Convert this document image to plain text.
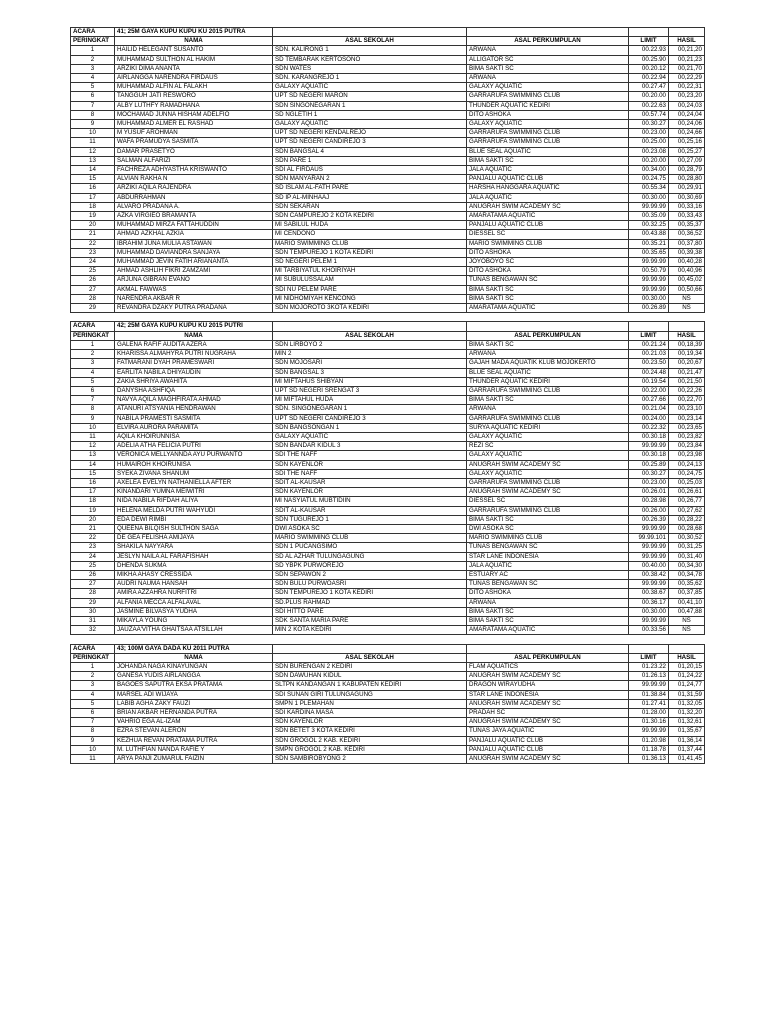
ACARA	41; 25M GAYA KUPU KUPU KU 2015 PUTRA				
PERINGKAT	NAMA	ASAL SEKOLAH	ASAL PERKUMPULAN	LIMIT	HASIL
1	HAILID HELEGANT SUSANTO	SDN. KALIRONG 1	ARWANA	00.22.93	00,21,20
2	MUHAMMAD SULTHON AL HAKIM	SD TEMBARAK KERTOSONO	ALLIGATOR SC	00.25.90	00,21,23
3	ARZIKI DIMA ANANTA	SDN WATES	BIMA SAKTI SC	00.20.12	00,21,70
4	AIRLANGGA NARENDRA FIRDAUS	SDN. KARANGREJO 1	ARWANA	00.22.94	00,22,29
5	MUHAMMAD ALFIN AL FALAKH	GALAXY AQUATIC	GALAXY AQUATIC	00.27.47	00,22,31
6	TANGGUH JATI RESWORO	UPT SD NEGERI MARON	GARRARUFA SWIMMING CLUB	00.20.00	00,23,20
7	ALBY LUTHFY RAMADHANA	SDN SINGONEGARAN 1	THUNDER AQUATIC KEDIRI	00.22.63	00,24,03
8	MOCHAMAD JUNNA HISHAM ADELFIO	SD NGLETIH 1	DITO ASHOKA	00.57.74	00,24,04
9	MUHAMMAD ALMER EL RASHAD	GALAXY AQUATIC	GALAXY AQUATIC	00.30.27	00,24,06
10	M YUSUF AROHMAN	UPT SD NEGERI KENDALREJO	GARRARUFA SWIMMING CLUB	00.23.00	00,24,66
11	WAFA PRAMUDYA SASMITA	UPT SD NEGERI CANDIREJO 3	GARRARUFA SWIMMING CLUB	00.25.00	00,25,16
12	DAMAR PRASETYO	SDN BANGSAL 4	BLUE SEAL AQUATIC	00.23.08	00,25,27
13	SALMAN ALFARIZI	SDN PARE 1	BIMA SAKTI SC	00.20.00	00,27,09
14	FACHREZA ADHYASTHA KRISWANTO	SDI AL FIRDAUS	JALA AQUATIC	00.34.00	00,28,79
15	ALVIAN RAKHA N	SDN MANYARAN 2	PANJALU AQUATIC CLUB	00.24.75	00,28,80
16	ARZIKI AQILA RAJENDRA	SD ISLAM AL-FATH PARE	HARSHA HANGGARA AQUATIC	00.55.34	00,29,91
17	ABDURRAHMAN	SD IP AL-MINHAAJ	JALA AQUATIC	00.30.00	00,30,69
18	ALVARO PRADANA A.	SDN SEKARAN	ANUGRAH SWIM ACADEMY SC	99.99.99	00,33,16
19	AZKA VIRGIEO BRAMANTA	SDN CAMPUREJO 2 KOTA KEDIRI	AMARATAMA AQUATIC	00.35.09	00,33,43
20	MUHAMMAD MIRZA FATTAHUDDIN	MI SABILUL HUDA	PANJALU AQUATIC CLUB	00.32.25	00,35,37
21	AHMAD AZKHAL AZKIA	MI CENDONO	DIESSEL SC	00.43.88	00,36,52
22	IBRAHIM JUNA MULIA ASTAWAN	MARIO SWIMMING CLUB	MARIO SWIMMING CLUB	00.35.21	00,37,80
23	MUHAMMAD DAVIANDRA SANJAYA	SDN TEMPUREJO 1 KOTA KEDIRI	DITO ASHOKA	00.35.65	00,39,38
24	MUHAMMAD JEVIN FATIH ARIANANTA	SD NEGERI PELEM 1	JOYOBOYO SC	99.99.99	00,40,28
25	AHMAD ASHLIH FIKRI ZAMZAMI	MI TARBIYATUL KHOIRIYAH	DITO ASHOKA	00.50.79	00,40,96
26	ARJUNA GIBRAN EVANO	MI SUBULUSSALAM	TUNAS BENGAWAN SC	99.99.99	00,45,02
27	AKMAL FAWWAS	SDI NU PELEM PARE	BIMA SAKTI SC	99.99.99	00,50,66
28	NARENDRA AKBAR R	MI NIDHOMIYAH KENCONG	BIMA SAKTI SC	00.30.00	NS
29	REVANDRA DZAKY PUTRA PRADANA	SDN MOJOROTO 3KOTA KEDIRI	AMARATAMA AQUATIC	00.26.89	NS

ACARA	42; 25M GAYA KUPU KUPU KU 2015 PUTRI				
PERINGKAT	NAMA	ASAL SEKOLAH	ASAL PERKUMPULAN	LIMIT	HASIL
1	GALENA RAFIF AUDITA AZERA	SDN LIRBOYO 2	BIMA SAKTI SC	00.21.24	00,18,39
2	KHARISSA ALMAHYRA PUTRI NUGRAHA	MIN 2	ARWANA	00.21.03	00,19,34
3	FATMARANI DYAH PRAMESWARI	SDN MOJOSARI	GAJAH MADA AQUATIK KLUB MOJOKERTO	00.23.50	00,20,67
4	EARLITA NABILA DHIYAUDIN	SDN BANGSAL 3	BLUE SEAL AQUATIC	00.24.48	00,21,47
5	ZAKIA SHRIYA AWAHITA	MI MIFTAHUS SHIBYAN	THUNDER AQUATIC KEDIRI	00.19.54	00,21,50
6	DANYSHA ASHFIQA	UPT SD NEGERI SRENGAT 3	GARRARUFA SWIMMING CLUB	00.22.00	00,22,26
7	NAVYA AQILA MAGHFIRATA AHMAD	MI MIFTAHUL HUDA	BIMA SAKTI SC	00.27.66	00,22,70
8	ATANURI ATSYANIA HENDRAWAN	SDN. SINGONEGARAN 1	ARWANA	00.21.04	00,23,10
9	NABILA PRAMESTI SASMITA	UPT SD NEGERI CANDIREJO 3	GARRARUFA SWIMMING CLUB	00.24.00	00,23,14
10	ELVIRA AURORA PARAMITA	SDN BANGSONGAN 1	SURYA AQUATIC KEDIRI	00.22.32	00,23,65
11	AQILA KHOIRUNNISA	GALAXY AQUATIC	GALAXY AQUATIC	00.30.18	00,23,82
12	ADELIA ATHA FELICIA PUTRI	SDN BANDAR KIDUL 3	REZI SC	99.99.99	00,23,84
13	VERONICA MELLYANNDA AYU PURWANTO	SDI THE NAFF	GALAXY AQUATIC	00.30.18	00,23,98
14	HUMAIROH KHOIRUNISA	SDN KAYENLOR	ANUGRAH SWIM ACADEMY SC	00.25.89	00,24,13
15	SYEKA ZIVANA SHANUM	SDI THE NAFF	GALAXY AQUATIC	00.30.27	00,24,75
16	AXELEA EVELYN NATHANIELLA AFTER	SDIT AL-KAUSAR	GARRARUFA SWIMMING CLUB	00.23.00	00,25,03
17	KINANDARI YUMNA MEIWITRI	SDN KAYENLOR	ANUGRAH SWIM ACADEMY SC	00.26.01	00,26,61
18	NIDA NABILA RIFDAH ALIYA	MI NASYIATUL MUBTIDIIN	DIESSEL SC	00.28.98	00,26,77
19	HELENA MELDA PUTRI WAHYUDI	SDIT AL-KAUSAR	GARRARUFA SWIMMING CLUB	00.26.00	00,27,62
20	EDA DEWI RIMBI	SDN TUGUREJO 1	BIMA SAKTI SC	00.26.39	00,28,22
21	QUEENA BILQISH SULTHON SAGA	DWI ASOKA SC	DWI ASOKA SC	99.99.99	00,28,68
22	DE GEA FELISHA AMIJAYA	MARIO SWIMMING CLUB	MARIO SWIMMING CLUB	99.99.101	00,30,52
23	SHAKILA NAYYARA	SDN 1 PUCANGSIMO	TUNAS BENGAWAN SC	99.99.99	00,31,25
24	JESLYN NAILA AL FARAFISHAH	SD AL AZHAR TULUNGAGUNG	STAR LANE INDONESIA	99.99.99	00,31,40
25	DHENDA SUKMA	SD YBPK PURWOREJO	JALA AQUATIC	00.40.00	00,34,30
26	MIKHA AHASY CRESSIDA	SDN SEPAWON 2	ESTUARY AC	00.38.42	00,34,78
27	AUDRI NAUMA HANSAH	SDN BULU PURWOASRI	TUNAS BENGAWAN SC	99.99.99	00,35,62
28	AMIRA AZZAHRA NURFITRI	SDN TEMPUREJO 1 KOTA KEDIRI	DITO ASHOKA	00.38.67	00,37,85
29	ALFANIA MECCA ALFALAVAL	SD.PLUS RAHMAD	ARWANA	00.36.17	00,41,10
30	JASMINE BILVASYA YUDHA	SDI HITTO PARE	BIMA SAKTI SC	00.30.00	00,47,88
31	MIKAYLA YOUNG	SDK SANTA MARIA PARE	BIMA SAKTI SC	99.99.99	NS
32	JAUZAA'VITHA GHAITSAA ATSILLAH	MIN 2 KOTA KEDIRI	AMARATAMA AQUATIC	00.33.56	NS

ACARA	43; 100M GAYA DADA KU 2011 PUTRA				
PERINGKAT	NAMA	ASAL SEKOLAH	ASAL PERKUMPULAN	LIMIT	HASIL
1	JOHANDA NAGA KINAYUNGAN	SDN BURENGAN 2 KEDIRI	FLAM AQUATICS	01.23.22	01,20,15
2	GANESA YUDIS AIRLANGGA	SDN DAWUHAN KIDUL	ANUGRAH SWIM ACADEMY SC	01.26.13	01,24,22
3	BAGOES SAPUTRA EKSA PRATAMA	SLTPN KANDANGAN 1 KABUPATEN KEDIRI	DRAGON WIRAYUDHA	99.99.99	01,24,77
4	MARSEL ADI WIJAYA	SDI SUNAN GIRI TULUNGAGUNG	STAR LANE INDONESIA	01.38.84	01,31,59
5	LABIB AGHA ZAKY FAUZI	SMPN 1 PLEMAHAN	ANUGRAH SWIM ACADEMY SC	01.27.41	01,32,05
6	BRIAN AKBAR HERNANDA PUTRA	SDI KARDINA MASA	PRADAH SC	01.28.00	01,32,20
7	VAHRIO EGA AL-IZAM	SDN KAYENLOR	ANUGRAH SWIM ACADEMY SC	01.30.16	01,32,61
8	EZRA STEVAN ALERON	SDN BETET 3 KOTA KEDIRI	TUNAS JAYA AQUATIC	99.99.99	01,35,67
9	KEZHUA REVAN PRATAMA PUTRA	SDN GROGOL 2 KAB. KEDIRI	PANJALU AQUATIC CLUB	01.20.98	01,36,14
10	M. LUTHFIAN NANDA RAFIE Y	SMPN GROGOL 2 KAB. KEDIRI	PANJALU AQUATIC CLUB	01.18.78	01,37,44
11	ARYA PANJI ZUMARUL FAIZIN	SDN SAMBIROBYONG 2	ANUGRAH SWIM ACADEMY SC	01.36.13	01,41,45
